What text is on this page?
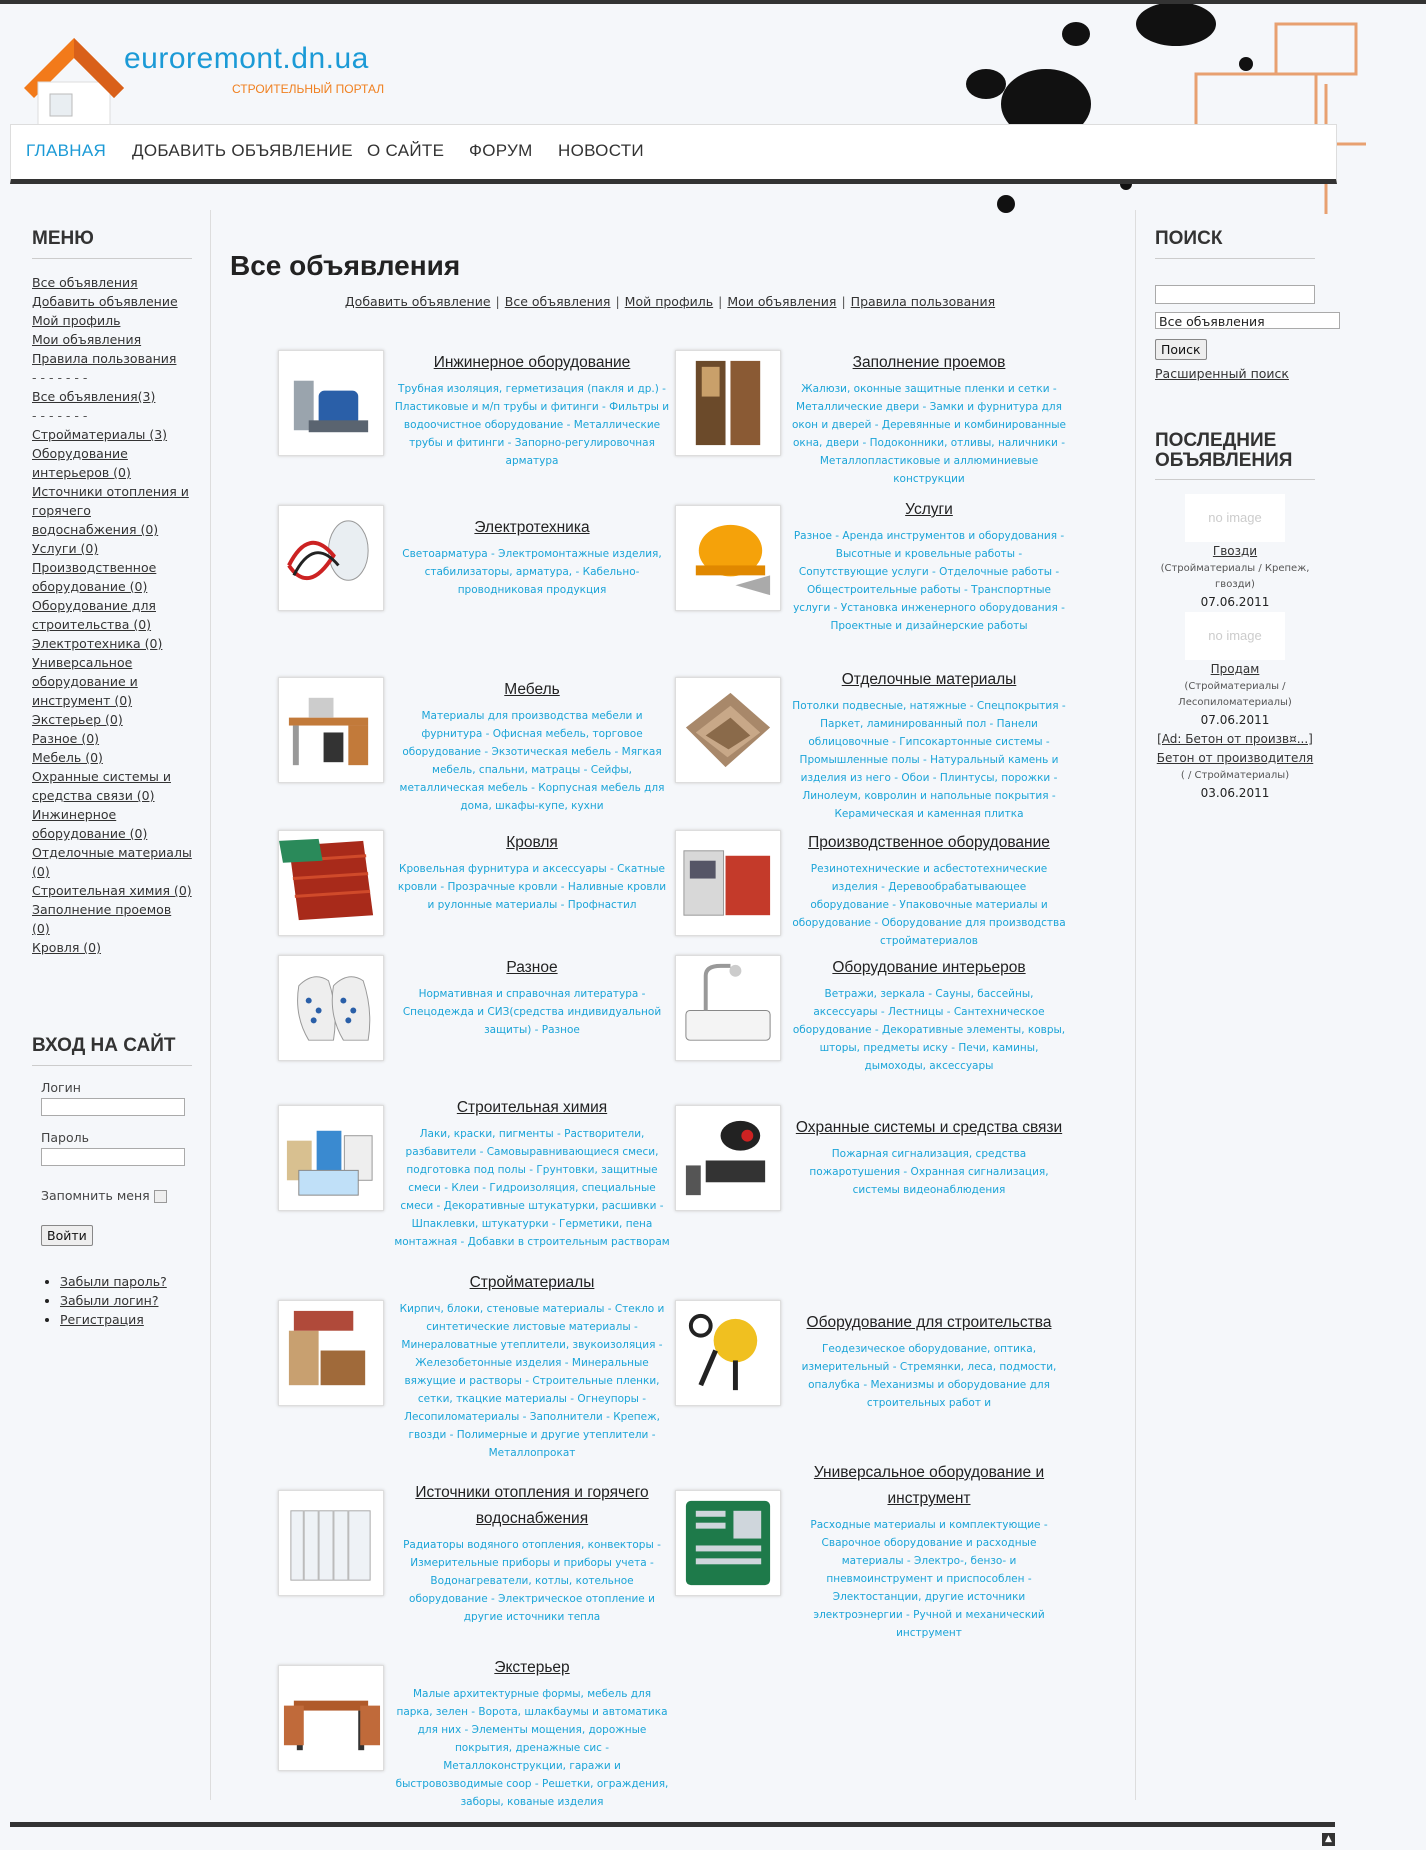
euroremont.dn.ua
СТРОИТЕЛЬНЫЙ ПОРТАЛ
ГЛАВНАЯ ДОБАВИТЬ ОБЪЯВЛЕНИЕ О САЙТЕ ФОРУМ НОВОСТИ
МЕНЮ
Все объявления
Добавить объявление
Мой профиль
Мои объявления
Правила пользования
- - - - - - -
Все объявления(3)
- - - - - - -
Стройматериалы (3)
Оборудование интерьеров (0)
Источники отопления и горячего водоснабжения (0)
Услуги (0)
Производственное оборудование (0)
Оборудование для строительства (0)
Электротехника (0)
Универсальное оборудование и инструмент (0)
Экстерьер (0)
Разное (0)
Мебель (0)
Охранные системы и средства связи (0)
Инжинерное оборудование (0)
Отделочные материалы (0)
Строительная химия (0)
Заполнение проемов (0)
Кровля (0)
ВХОД НА САЙТ
Логин
Пароль
Запомнить меня
Войти
• Забыли пароль?
• Забыли логин?
• Регистрация
Все объявления
Добавить объявление | Все объявления | Мой профиль | Мои объявления | Правила пользования
Инжинерное оборудование
Трубная изоляция, герметизация (пакля и др.) - Пластиковые и м/п трубы и фитинги - Фильтры и водоочистное оборудование - Металлические трубы и фитинги - Запорно-регулировочная арматура
Заполнение проемов
Жалюзи, оконные защитные пленки и сетки - Металлические двери - Замки и фурнитура для окон и дверей - Деревянные и комбинированные окна, двери - Подоконники, отливы, наличники - Металлопластиковые и аллюминиевые конструкции
Электротехника
Светоарматура - Электромонтажные изделия, стабилизаторы, арматура, - Кабельно-проводниковая продукция
Услуги
Разное - Аренда инструментов и оборудования - Высотные и кровельные работы - Сопутствующие услуги - Отделочные работы - Общестроительные работы - Транспортные услуги - Установка инженерного оборудования - Проектные и дизайнерские работы
Мебель
Материалы для производства мебели и фурнитура - Офисная мебель, торговое оборудование - Экзотическая мебель - Мягкая мебель, спальни, матрацы - Сейфы, металлическая мебель - Корпусная мебель для дома, шкафы-купе, кухни
Отделочные материалы
Потолки подвесные, натяжные - Спецпокрытия - Паркет, ламинированный пол - Панели облицовочные - Гипсокартонные системы - Промышленные полы - Натуральный камень и изделия из него - Обои - Плинтусы, порожки - Линолеум, ковролин и напольные покрытия - Керамическая и каменная плитка
Кровля
Кровельная фурнитура и аксессуары - Скатные кровли - Прозрачные кровли - Наливные кровли и рулонные материалы - Профнастил
Производственное оборудование
Резинотехнические и асбестотехнические изделия - Деревообрабатывающее оборудование - Упаковочные материалы и оборудование - Оборудование для производства стройматериалов
Разное
Нормативная и справочная литература - Спецодежда и СИЗ(средства индивидуальной защиты) - Разное
Оборудование интерьеров
Ветражи, зеркала - Сауны, бассейны, аксессуары - Лестницы - Сантехническое оборудование - Декоративные элементы, ковры, шторы, предметы иску - Печи, камины, дымоходы, аксессуары
Строительная химия
Лаки, краски, пигменты - Растворители, разбавители - Самовыравнивающиеся смеси, подготовка под полы - Грунтовки, защитные смеси - Клеи - Гидроизоляция, специальные смеси - Декоративные штукатурки, расшивки - Шпаклевки, штукатурки - Герметики, пена монтажная - Добавки в строительным растворам
Охранные системы и средства связи
Пожарная сигнализация, средства пожаротушения - Охранная сигнализация, системы видеонаблюдения
Стройматериалы
Кирпич, блоки, стеновые материалы - Стекло и синтетические листовые материалы - Минераловатные утеплители, звукоизоляция - Железобетонные изделия - Минеральные вяжущие и растворы - Строительные пленки, сетки, ткацкие материалы - Огнеупоры - Лесопиломатериалы - Заполнители - Крепеж, гвозди - Полимерные и другие утеплители - Металлопрокат
Оборудование для строительства
Геодезическое оборудование, оптика, измерительный - Стремянки, леса, подмости, опалубка - Механизмы и оборудование для строительных работ и
Источники отопления и горячего водоснабжения
Радиаторы водяного отопления, конвекторы - Измерительные приборы и приборы учета - Водонагреватели, котлы, котельное оборудование - Электрическое отопление и другие источники тепла
Универсальное оборудование и инструмент
Расходные материалы и комплектующие - Сварочное оборудование и расходные материалы - Электро-, бензо- и пневмоинструмент и приспособлен - Электостанции, другие источники электроэнергии - Ручной и механический инструмент
Экстерьер
Малые архитектурные формы, мебель для парка, зелен - Ворота, шлакбаумы и автоматика для них - Элементы мощения, дорожные покрытия, дренажные сис - Металлоконструкции, гаражи и быстровозводимые соор - Решетки, ограждения, заборы, кованые изделия
ПОИСК
Все объявления
Поиск
Расширенный поиск
ПОСЛЕДНИЕ ОБЪЯВЛЕНИЯ
no image
Гвозди
(Стройматериалы / Крепеж, гвозди)
07.06.2011
no image
Продам
(Стройматериалы / Лесопиломатериалы)
07.06.2011
[Ad: Бетон от произв¤...]
Бетон от производителя
( / Стройматериалы)
03.06.2011
▲
